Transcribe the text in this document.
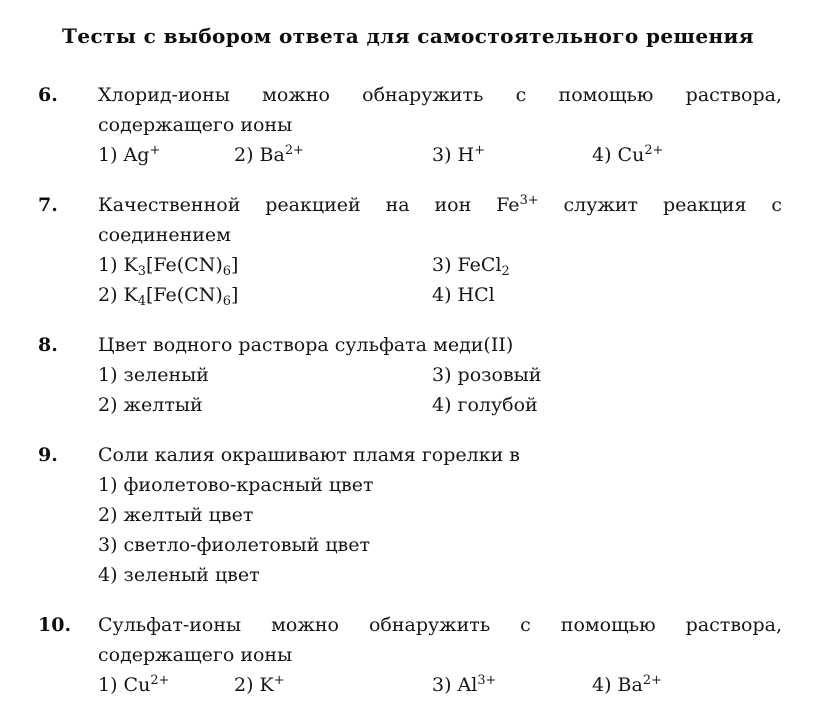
Тесты с выбором ответа для самостоятельного решения
6.	Хлорид-ионы можно обнаружить с помощью раствора,
содержащего ионы
1) Ag+	2) $Ba^{2+}$	3) H+	4) $Cu^{2+}$
7.	Качественной реакцией на ион $Fe^{3+}$ служит реакция с
соединением
1) $K_3[Fe(CN)_6]$
2) $K_4[Fe(CN)_6]$
3) FeCl$_2$
4) HCl
8.	Цвет водного раствора сульфата меди(II)
1) зеленый
2) желтый
3) розовый
4) голубой
9.	Соли калия окрашивают пламя горелки в
1) фиолетово-красный цвет
2) желтый цвет
3) светло-фиолетовый цвет
4) зеленый цвет
10.	Сульфат-ионы можно обнаружить с помощью раствора,
содержащего ионы
1) $Cu^{2+}$	2) K+	3) $Al^{3+}$	4) $Ba^{2+}$
